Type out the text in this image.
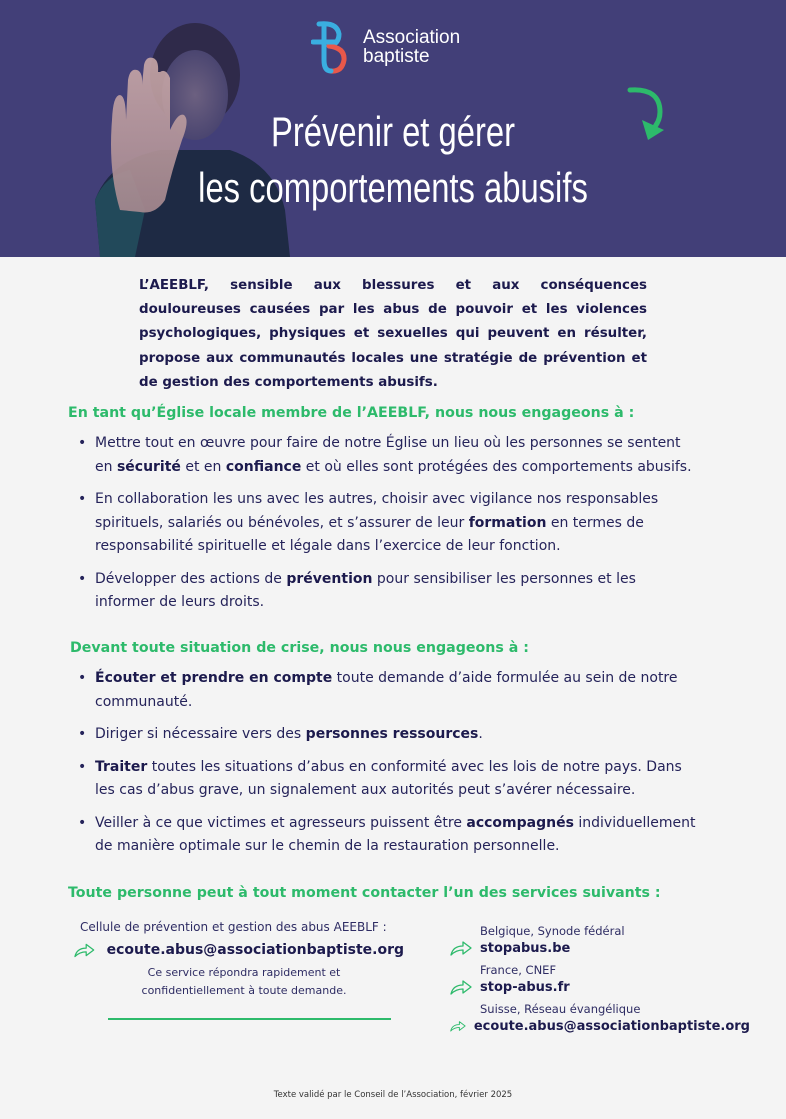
Association
baptiste
Prévenir et gérer
les comportements abusifs

L’AEEBLF, sensible aux blessures et aux conséquences douloureuses causées par les abus de pouvoir et les violences psychologiques, physiques et sexuelles qui peuvent en résulter, propose aux communautés locales une stratégie de prévention et de gestion des comportements abusifs.

En tant qu’Église locale membre de l’AEEBLF, nous nous engageons à :
• Mettre tout en œuvre pour faire de notre Église un lieu où les personnes se sentent en sécurité et en confiance et où elles sont protégées des comportements abusifs.
• En collaboration les uns avec les autres, choisir avec vigilance nos responsables spirituels, salariés ou bénévoles, et s’assurer de leur formation en termes de responsabilité spirituelle et légale dans l’exercice de leur fonction.
• Développer des actions de prévention pour sensibiliser les personnes et les informer de leurs droits.
Devant toute situation de crise, nous nous engageons à :
• Écouter et prendre en compte toute demande d’aide formulée au sein de notre communauté.
• Diriger si nécessaire vers des personnes ressources.
• Traiter toutes les situations d’abus en conformité avec les lois de notre pays. Dans les cas d’abus grave, un signalement aux autorités peut s’avérer nécessaire.
• Veiller à ce que victimes et agresseurs puissent être accompagnés individuellement de manière optimale sur le chemin de la restauration personnelle.
Toute personne peut à tout moment contacter l’un des services suivants :
Cellule de prévention et gestion des abus AEEBLF :
ecoute.abus@associationbaptiste.org
Ce service répondra rapidement et
confidentiellement à toute demande.
Belgique, Synode fédéral
stopabus.be
France, CNEF
stop-abus.fr
Suisse, Réseau évangélique
ecoute.abus@associationbaptiste.org
Texte validé par le Conseil de l’Association, février 2025
